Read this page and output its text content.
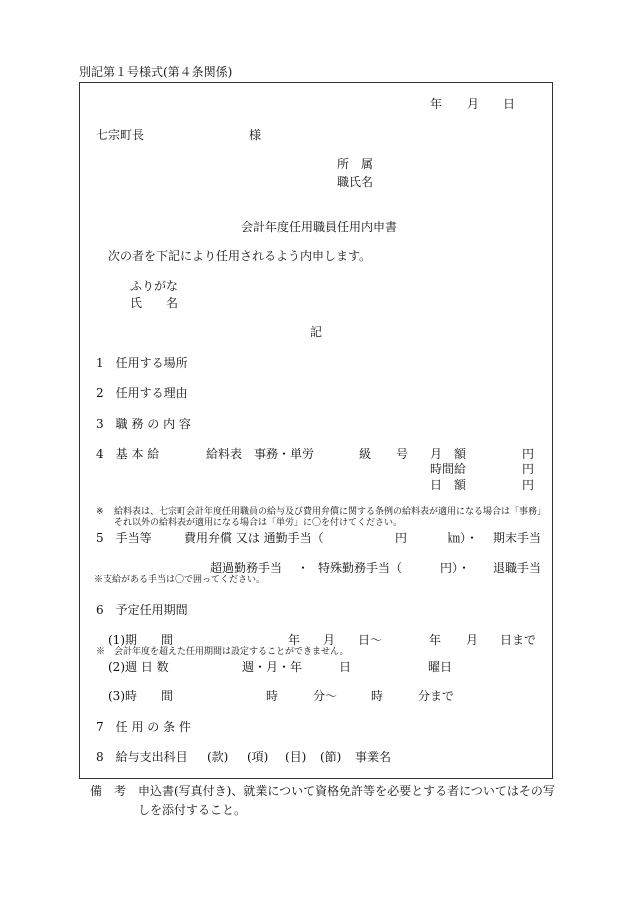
別記第１号様式(第４条関係)
年 月 日
七宗町長	様
所　属
職氏名
会計年度任用職員任用内申書
次の者を下記により任用されるよう内申します。
ふりがな
氏　　名
記
1　任用する場所
2　任用する理由
3　職 務 の 内 容
4　基 本 給	給料表　事務・単労	級 号 月　額	円
時間給	円
日　額	円
※ 給料表は、七宗町会計年度任用職員の給与及び費用弁償に関する条例の給料表が適用になる場合は「事務」
それ以外の給料表が適用になる場合は「単労」に〇を付けてください。
5　手当等	費用弁償 又は 通勤手当（	円	㎞）・ 期末手当
超過勤務手当 ・ 特殊勤務手当（	円）・ 退職手当
※支給がある手当は〇で囲ってください。
6　予定任用期間
(1)期　　間	年 月 日～	年 月 日まで
※　会計年度を超えた任用期間は設定することができません。
(2)週 日 数	週・月・年	日	曜日
(3)時　　間	時	分～	時	分まで
7　任 用 の 条 件
8　給与支出科目 (款) (項) (目) (節) 事業名
備　考 申込書(写真付き)、就業について資格免許等を必要とする者についてはその写
しを添付すること。
